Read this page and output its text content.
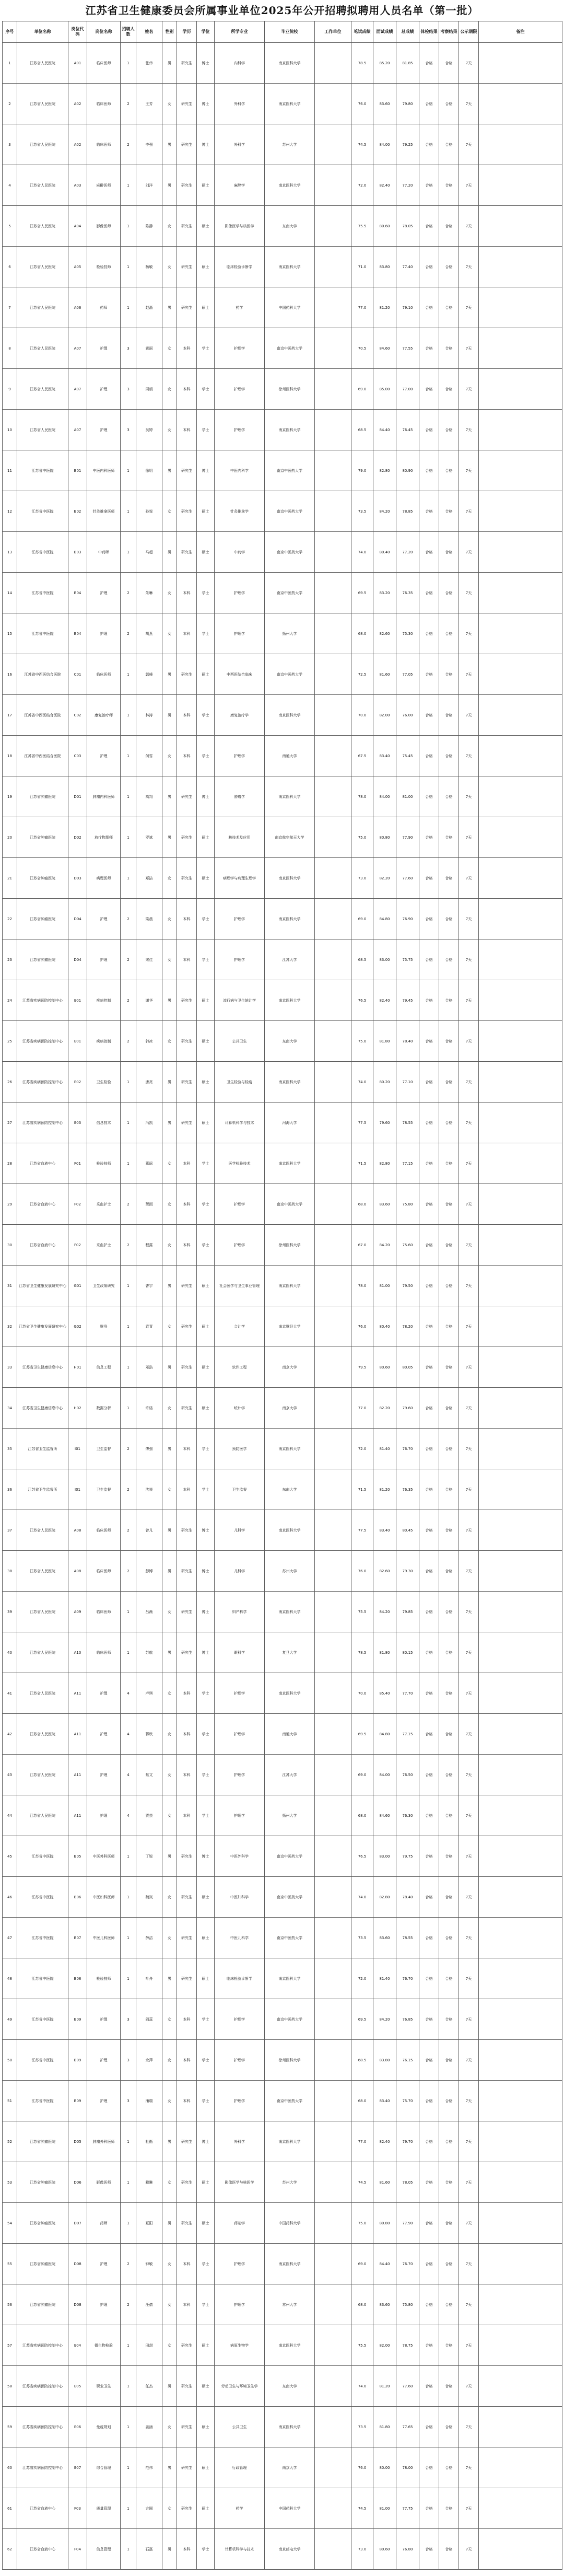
江苏省卫生健康委员会所属事业单位2025年公开招聘拟聘用人员名单（第一批）
序号	单位名称	岗位代码	岗位名称	招聘人数	姓名	性别	学历	学位	所学专业	毕业院校	工作单位	笔试成绩	面试成绩	总成绩	体检结果	考察结果	公示期限	备注
1	江苏省人民医院	A01	临床医师	1	张伟	男	研究生	博士	内科学	南京医科大学		78.5	85.20	81.85	合格	合格	7天	
2	江苏省人民医院	A02	临床医师	2	王芳	女	研究生	博士	外科学	南京医科大学		76.0	83.60	79.80	合格	合格	7天	
3	江苏省人民医院	A02	临床医师	2	李强	男	研究生	博士	外科学	苏州大学		74.5	84.00	79.25	合格	合格	7天	
4	江苏省人民医院	A03	麻醉医师	1	刘洋	男	研究生	硕士	麻醉学	南京医科大学		72.0	82.40	77.20	合格	合格	7天	
5	江苏省人民医院	A04	影像医师	1	陈静	女	研究生	硕士	影像医学与核医学	东南大学		75.5	80.60	78.05	合格	合格	7天	
6	江苏省人民医院	A05	检验技师	1	杨敏	女	研究生	硕士	临床检验诊断学	南京医科大学		71.0	83.80	77.40	合格	合格	7天	
7	江苏省人民医院	A06	药师	1	赵磊	男	研究生	硕士	药学	中国药科大学		77.0	81.20	79.10	合格	合格	7天	
8	江苏省人民医院	A07	护理	3	黄丽	女	本科	学士	护理学	南京中医药大学		70.5	84.60	77.55	合格	合格	7天	
9	江苏省人民医院	A07	护理	3	周娟	女	本科	学士	护理学	徐州医科大学		69.0	85.00	77.00	合格	合格	7天	
10	江苏省人民医院	A07	护理	3	吴婷	女	本科	学士	护理学	南京医科大学		68.5	84.40	76.45	合格	合格	7天	
11	江苏省中医院	B01	中医内科医师	1	徐明	男	研究生	博士	中医内科学	南京中医药大学		79.0	82.80	80.90	合格	合格	7天	
12	江苏省中医院	B02	针灸推拿医师	1	孙悦	女	研究生	硕士	针灸推拿学	南京中医药大学		73.5	84.20	78.85	合格	合格	7天	
13	江苏省中医院	B03	中药师	1	马超	男	研究生	硕士	中药学	南京中医药大学		74.0	80.40	77.20	合格	合格	7天	
14	江苏省中医院	B04	护理	2	朱琳	女	本科	学士	护理学	南京中医药大学		69.5	83.20	76.35	合格	合格	7天	
15	江苏省中医院	B04	护理	2	胡燕	女	本科	学士	护理学	扬州大学		68.0	82.60	75.30	合格	合格	7天	
16	江苏省中西医结合医院	C01	临床医师	1	郭峰	男	研究生	硕士	中西医结合临床	南京中医药大学		72.5	81.60	77.05	合格	合格	7天	
17	江苏省中西医结合医院	C02	康复治疗师	1	林涛	男	本科	学士	康复治疗学	南京医科大学		70.0	82.00	76.00	合格	合格	7天	
18	江苏省中西医结合医院	C03	护理	1	何雪	女	本科	学士	护理学	南通大学		67.5	83.40	75.45	合格	合格	7天	
19	江苏省肿瘤医院	D01	肿瘤内科医师	1	高翔	男	研究生	博士	肿瘤学	南京医科大学		78.0	84.00	81.00	合格	合格	7天	
20	江苏省肿瘤医院	D02	放疗物理师	1	罗斌	男	研究生	硕士	核技术及应用	南京航空航天大学		75.0	80.80	77.90	合格	合格	7天	
21	江苏省肿瘤医院	D03	病理医师	1	郑洁	女	研究生	硕士	病理学与病理生理学	南京医科大学		73.0	82.20	77.60	合格	合格	7天	
22	江苏省肿瘤医院	D04	护理	2	梁晨	女	本科	学士	护理学	南京医科大学		69.0	84.80	76.90	合格	合格	7天	
23	江苏省肿瘤医院	D04	护理	2	宋佳	女	本科	学士	护理学	江苏大学		68.5	83.00	75.75	合格	合格	7天	
24	江苏省疾病预防控制中心	E01	疾病控制	2	谢华	男	研究生	硕士	流行病与卫生统计学	南京医科大学		76.5	82.40	79.45	合格	合格	7天	
25	江苏省疾病预防控制中心	E01	疾病控制	2	韩冰	女	研究生	硕士	公共卫生	东南大学		75.0	81.80	78.40	合格	合格	7天	
26	江苏省疾病预防控制中心	E02	卫生检验	1	唐亮	男	研究生	硕士	卫生检验与检疫	南京医科大学		74.0	80.20	77.10	合格	合格	7天	
27	江苏省疾病预防控制中心	E03	信息技术	1	冯凯	男	研究生	硕士	计算机科学与技术	河海大学		77.5	79.60	78.55	合格	合格	7天	
28	江苏省血液中心	F01	检验技师	1	董瑶	女	本科	学士	医学检验技术	南京医科大学		71.5	82.80	77.15	合格	合格	7天	
29	江苏省血液中心	F02	采血护士	2	萧雨	女	本科	学士	护理学	南京中医药大学		68.0	83.60	75.80	合格	合格	7天	
30	江苏省血液中心	F02	采血护士	2	程露	女	本科	学士	护理学	徐州医科大学		67.0	84.20	75.60	合格	合格	7天	
31	江苏省卫生健康发展研究中心	G01	卫生政策研究	1	曹宇	男	研究生	硕士	社会医学与卫生事业管理	南京医科大学		78.0	81.00	79.50	合格	合格	7天	
32	江苏省卫生健康发展研究中心	G02	财务	1	袁青	女	研究生	硕士	会计学	南京财经大学		76.0	80.40	78.20	合格	合格	7天	
33	江苏省卫生健康信息中心	H01	信息工程	1	邓浩	男	研究生	硕士	软件工程	南京大学		79.5	80.60	80.05	合格	合格	7天	
34	江苏省卫生健康信息中心	H02	数据分析	1	许诺	女	研究生	硕士	统计学	南京大学		77.0	82.20	79.60	合格	合格	7天	
35	江苏省卫生监督所	I01	卫生监督	2	傅强	男	本科	学士	预防医学	南京医科大学		72.0	81.40	76.70	合格	合格	7天	
36	江苏省卫生监督所	I01	卫生监督	2	沈悦	女	本科	学士	卫生监督	东南大学		71.5	81.20	76.35	合格	合格	7天	
37	江苏省人民医院	A08	临床医师	2	曾凡	男	研究生	博士	儿科学	南京医科大学		77.5	83.40	80.45	合格	合格	7天	
38	江苏省人民医院	A08	临床医师	2	彭博	男	研究生	博士	儿科学	苏州大学		76.0	82.60	79.30	合格	合格	7天	
39	江苏省人民医院	A09	临床医师	1	吕薇	女	研究生	博士	妇产科学	南京医科大学		75.5	84.20	79.85	合格	合格	7天	
40	江苏省人民医院	A10	临床医师	1	苏航	男	研究生	博士	眼科学	复旦大学		78.5	81.80	80.15	合格	合格	7天	
41	江苏省人民医院	A11	护理	4	卢琪	女	本科	学士	护理学	南京医科大学		70.0	85.40	77.70	合格	合格	7天	
42	江苏省人民医院	A11	护理	4	蒋欣	女	本科	学士	护理学	南通大学		69.5	84.80	77.15	合格	合格	7天	
43	江苏省人民医院	A11	护理	4	蔡文	女	本科	学士	护理学	江苏大学		69.0	84.00	76.50	合格	合格	7天	
44	江苏省人民医院	A11	护理	4	贾芸	女	本科	学士	护理学	扬州大学		68.0	84.60	76.30	合格	合格	7天	
45	江苏省中医院	B05	中医外科医师	1	丁锐	男	研究生	博士	中医外科学	南京中医药大学		76.5	83.00	79.75	合格	合格	7天	
46	江苏省中医院	B06	中医妇科医师	1	魏岚	女	研究生	硕士	中医妇科学	南京中医药大学		74.0	82.80	78.40	合格	合格	7天	
47	江苏省中医院	B07	中医儿科医师	1	薛洁	女	研究生	硕士	中医儿科学	南京中医药大学		73.5	83.60	78.55	合格	合格	7天	
48	江苏省中医院	B08	检验技师	1	叶舟	男	研究生	硕士	临床检验诊断学	南京医科大学		72.0	81.40	76.70	合格	合格	7天	
49	江苏省中医院	B09	护理	3	阎蕊	女	本科	学士	护理学	南京中医药大学		69.5	84.20	76.85	合格	合格	7天	
50	江苏省中医院	B09	护理	3	余萍	女	本科	学士	护理学	徐州医科大学		68.5	83.80	76.15	合格	合格	7天	
51	江苏省中医院	B09	护理	3	潘瑞	女	本科	学士	护理学	南京中医药大学		68.0	83.40	75.70	合格	合格	7天	
52	江苏省肿瘤医院	D05	肿瘤外科医师	1	杜衡	男	研究生	博士	外科学	南京医科大学		77.0	82.40	79.70	合格	合格	7天	
53	江苏省肿瘤医院	D06	影像医师	1	戴琳	女	研究生	硕士	影像医学与核医学	苏州大学		74.5	81.60	78.05	合格	合格	7天	
54	江苏省肿瘤医院	D07	药师	1	夏阳	男	研究生	硕士	药剂学	中国药科大学		75.0	80.80	77.90	合格	合格	7天	
55	江苏省肿瘤医院	D08	护理	2	钟敏	女	本科	学士	护理学	南京医科大学		69.0	84.40	76.70	合格	合格	7天	
56	江苏省肿瘤医院	D08	护理	2	汪倩	女	本科	学士	护理学	常州大学		68.0	83.60	75.80	合格	合格	7天	
57	江苏省疾病预防控制中心	E04	微生物检验	1	田甜	女	研究生	硕士	病原生物学	南京医科大学		75.5	82.00	78.75	合格	合格	7天	
58	江苏省疾病预防控制中心	E05	职业卫生	1	任杰	男	研究生	硕士	劳动卫生与环境卫生学	东南大学		74.0	81.20	77.60	合格	合格	7天	
59	江苏省疾病预防控制中心	E06	免疫规划	1	姜涵	女	研究生	硕士	公共卫生	南京医科大学		73.5	81.80	77.65	合格	合格	7天	
60	江苏省疾病预防控制中心	E07	综合管理	1	范伟	男	研究生	硕士	行政管理	南京大学		76.0	80.00	78.00	合格	合格	7天	
61	江苏省血液中心	F03	质量管理	1	方圆	女	研究生	硕士	药学	中国药科大学		74.5	81.00	77.75	合格	合格	7天	
62	江苏省血液中心	F04	信息管理	1	石磊	男	本科	学士	计算机科学与技术	南京邮电大学		73.0	80.60	76.80	合格	合格	7天	
